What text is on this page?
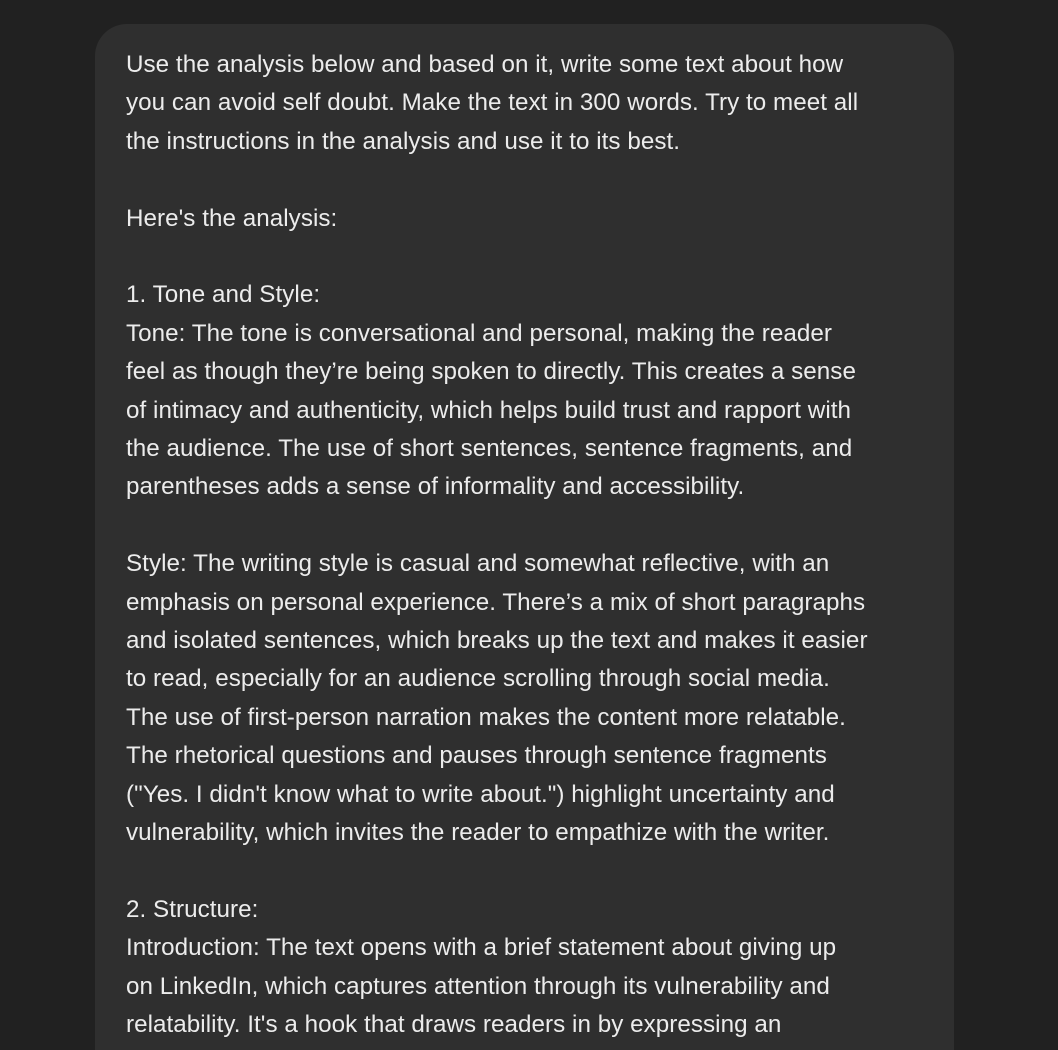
Use the analysis below and based on it, write some text about how

you can avoid self doubt. Make the text in 300 words. Try to meet all

the instructions in the analysis and use it to its best.

Here's the analysis:

1. Tone and Style:

Tone: The tone is conversational and personal, making the reader

feel as though they’re being spoken to directly. This creates a sense

of intimacy and authenticity, which helps build trust and rapport with

the audience. The use of short sentences, sentence fragments, and

parentheses adds a sense of informality and accessibility.

Style: The writing style is casual and somewhat reflective, with an

emphasis on personal experience. There’s a mix of short paragraphs

and isolated sentences, which breaks up the text and makes it easier

to read, especially for an audience scrolling through social media.

The use of first-person narration makes the content more relatable.

The rhetorical questions and pauses through sentence fragments

("Yes. I didn't know what to write about.") highlight uncertainty and

vulnerability, which invites the reader to empathize with the writer.

2. Structure:

Introduction: The text opens with a brief statement about giving up

on LinkedIn, which captures attention through its vulnerability and

relatability. It's a hook that draws readers in by expressing an
